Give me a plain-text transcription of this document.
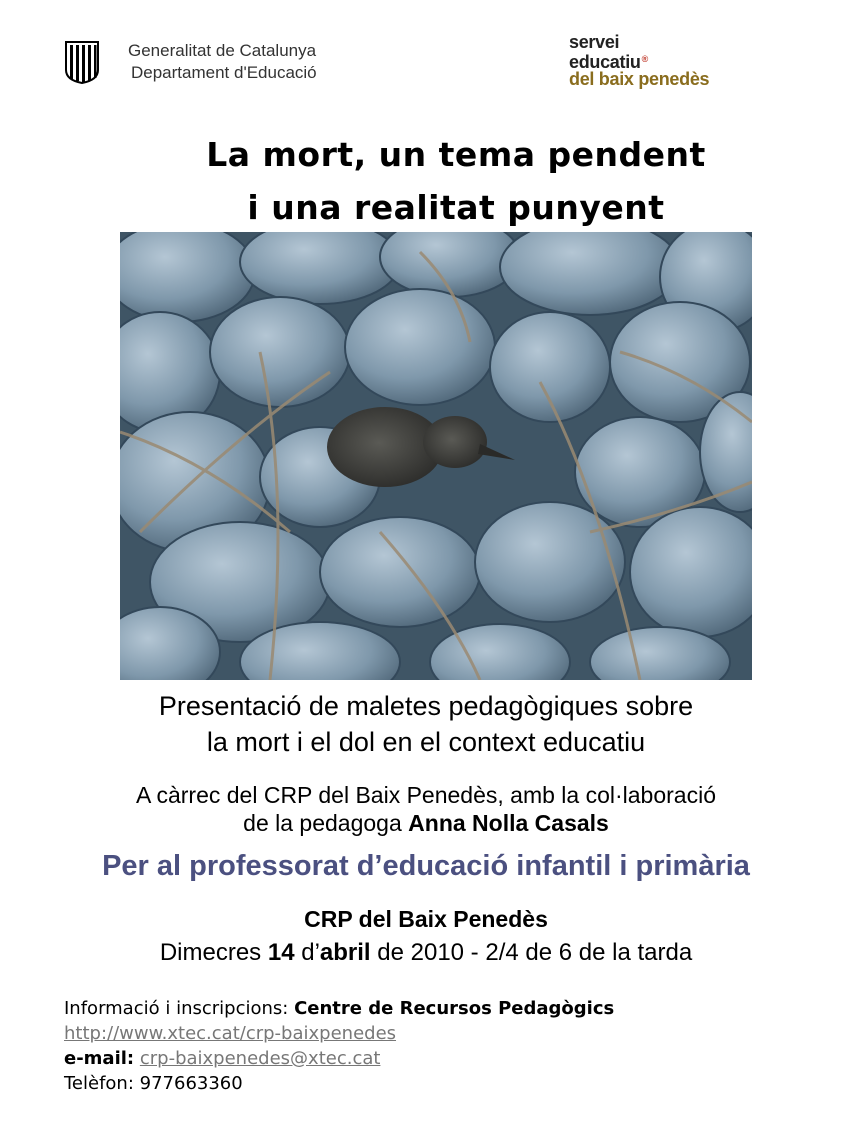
Generalitat de Catalunya
Departament d'Educació
servei
educatiu®
del baix penedès
La mort, un tema pendent
i una realitat punyent
Presentació de maletes pedagògiques sobre
la mort i el dol en el context educatiu
A càrrec del CRP del Baix Penedès, amb la col·laboració
de la pedagoga Anna Nolla Casals
Per al professorat d’educació infantil i primària
CRP del Baix Penedès
Dimecres 14 d’abril de 2010 - 2/4 de 6 de la tarda
Informació i inscripcions: Centre de Recursos Pedagògics
http://www.xtec.cat/crp-baixpenedes
e-mail: crp-baixpenedes@xtec.cat
Telèfon: 977663360
